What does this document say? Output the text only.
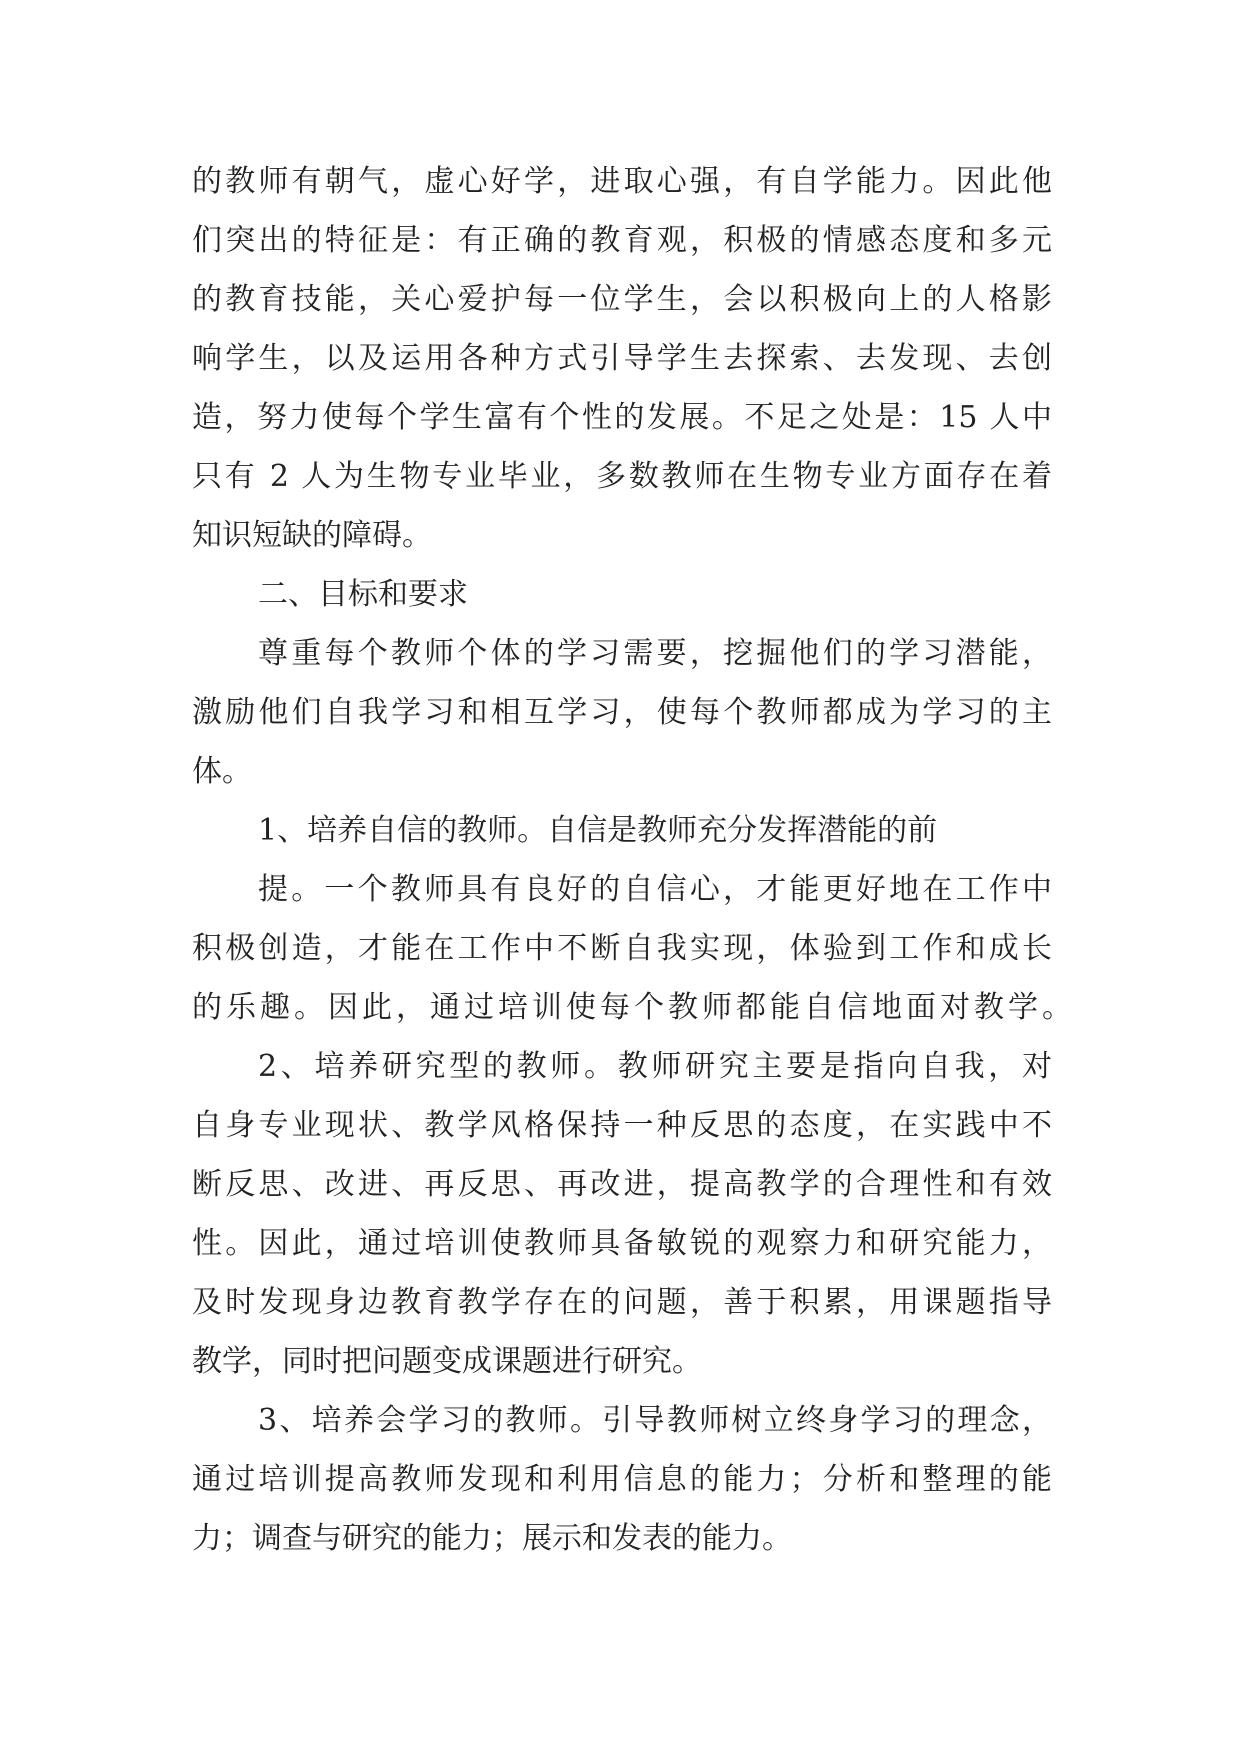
的教师有朝气，虚心好学，进取心强，有自学能力。因此他
们突出的特征是：有正确的教育观，积极的情感态度和多元
的教育技能，关心爱护每一位学生，会以积极向上的人格影
响学生，以及运用各种方式引导学生去探索、去发现、去创
造，努力使每个学生富有个性的发展。不足之处是：15 人中
只有 2 人为生物专业毕业，多数教师在生物专业方面存在着
知识短缺的障碍。
二、目标和要求
尊重每个教师个体的学习需要，挖掘他们的学习潜能，
激励他们自我学习和相互学习，使每个教师都成为学习的主
体。
1、培养自信的教师。自信是教师充分发挥潜能的前
提。一个教师具有良好的自信心，才能更好地在工作中
积极创造，才能在工作中不断自我实现，体验到工作和成长
的乐趣。因此，通过培训使每个教师都能自信地面对教学。
2、培养研究型的教师。教师研究主要是指向自我，对
自身专业现状、教学风格保持一种反思的态度，在实践中不
断反思、改进、再反思、再改进，提高教学的合理性和有效
性。因此，通过培训使教师具备敏锐的观察力和研究能力，
及时发现身边教育教学存在的问题，善于积累，用课题指导
教学，同时把问题变成课题进行研究。
3、培养会学习的教师。引导教师树立终身学习的理念，
通过培训提高教师发现和利用信息的能力；分析和整理的能
力；调查与研究的能力；展示和发表的能力。
